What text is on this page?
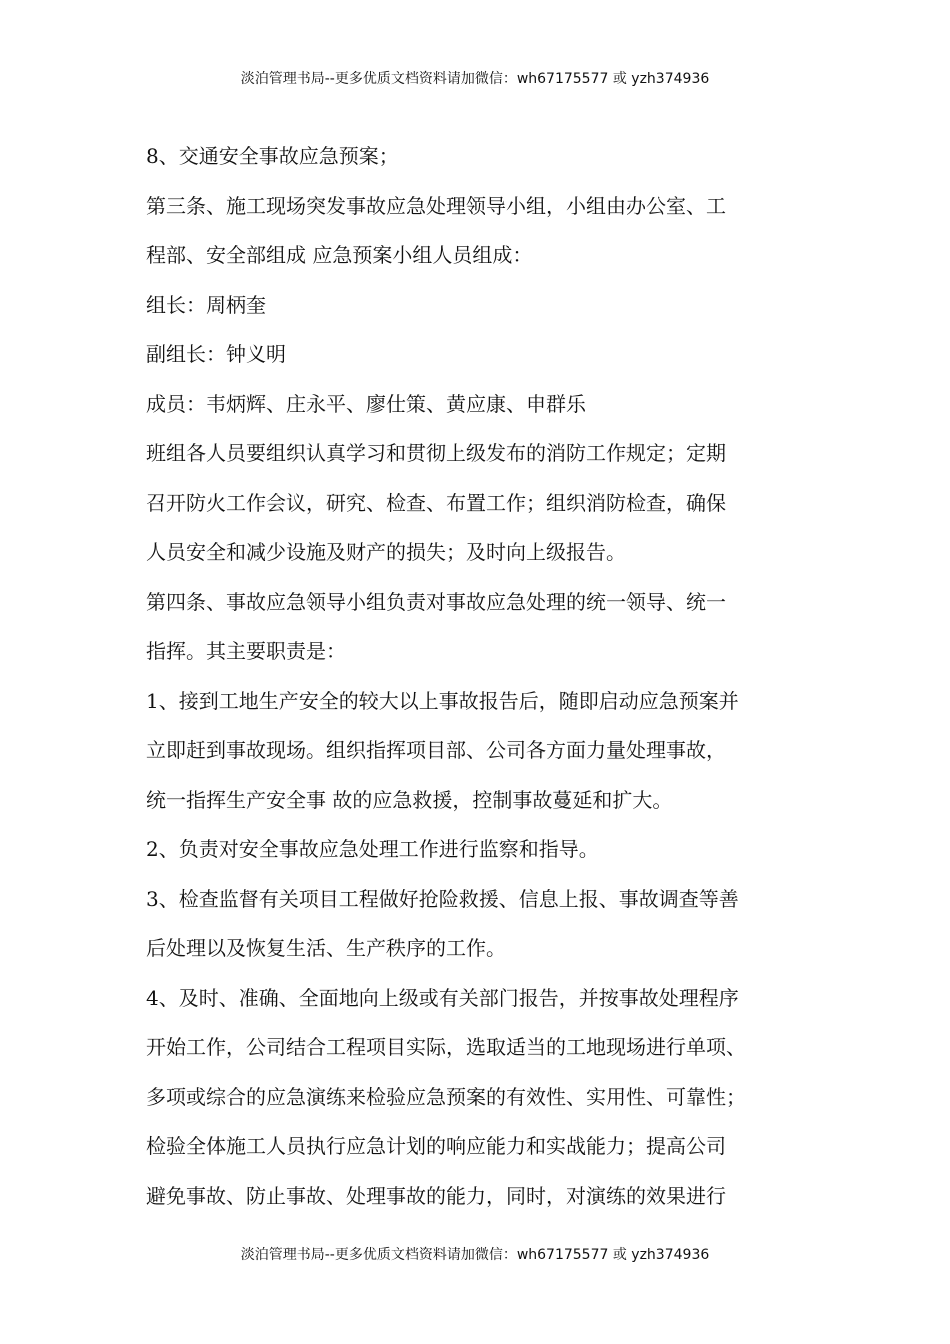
淡泊管理书局--更多优质文档资料请加微信：wh67175577 或 yzh374936

8、交通安全事故应急预案；

第三条、施工现场突发事故应急处理领导小组，小组由办公室、工

程部、安全部组成 应急预案小组人员组成：

组长：周柄奎

副组长：钟义明

成员：韦炳辉、庄永平、廖仕策、黄应康、申群乐

班组各人员要组织认真学习和贯彻上级发布的消防工作规定；定期

召开防火工作会议，研究、检查、布置工作；组织消防检查，确保

人员安全和减少设施及财产的损失；及时向上级报告。

第四条、事故应急领导小组负责对事故应急处理的统一领导、统一

指挥。其主要职责是：

1、接到工地生产安全的较大以上事故报告后，随即启动应急预案并

立即赶到事故现场。组织指挥项目部、公司各方面力量处理事故，

统一指挥生产安全事 故的应急救援，控制事故蔓延和扩大。

2、负责对安全事故应急处理工作进行监察和指导。

3、检查监督有关项目工程做好抢险救援、信息上报、事故调查等善

后处理以及恢复生活、生产秩序的工作。

4、及时、准确、全面地向上级或有关部门报告，并按事故处理程序

开始工作，公司结合工程项目实际，选取适当的工地现场进行单项、

多项或综合的应急演练来检验应急预案的有效性、实用性、可靠性；

检验全体施工人员执行应急计划的响应能力和实战能力；提高公司

避免事故、防止事故、处理事故的能力，同时，对演练的效果进行

淡泊管理书局--更多优质文档资料请加微信：wh67175577 或 yzh374936
